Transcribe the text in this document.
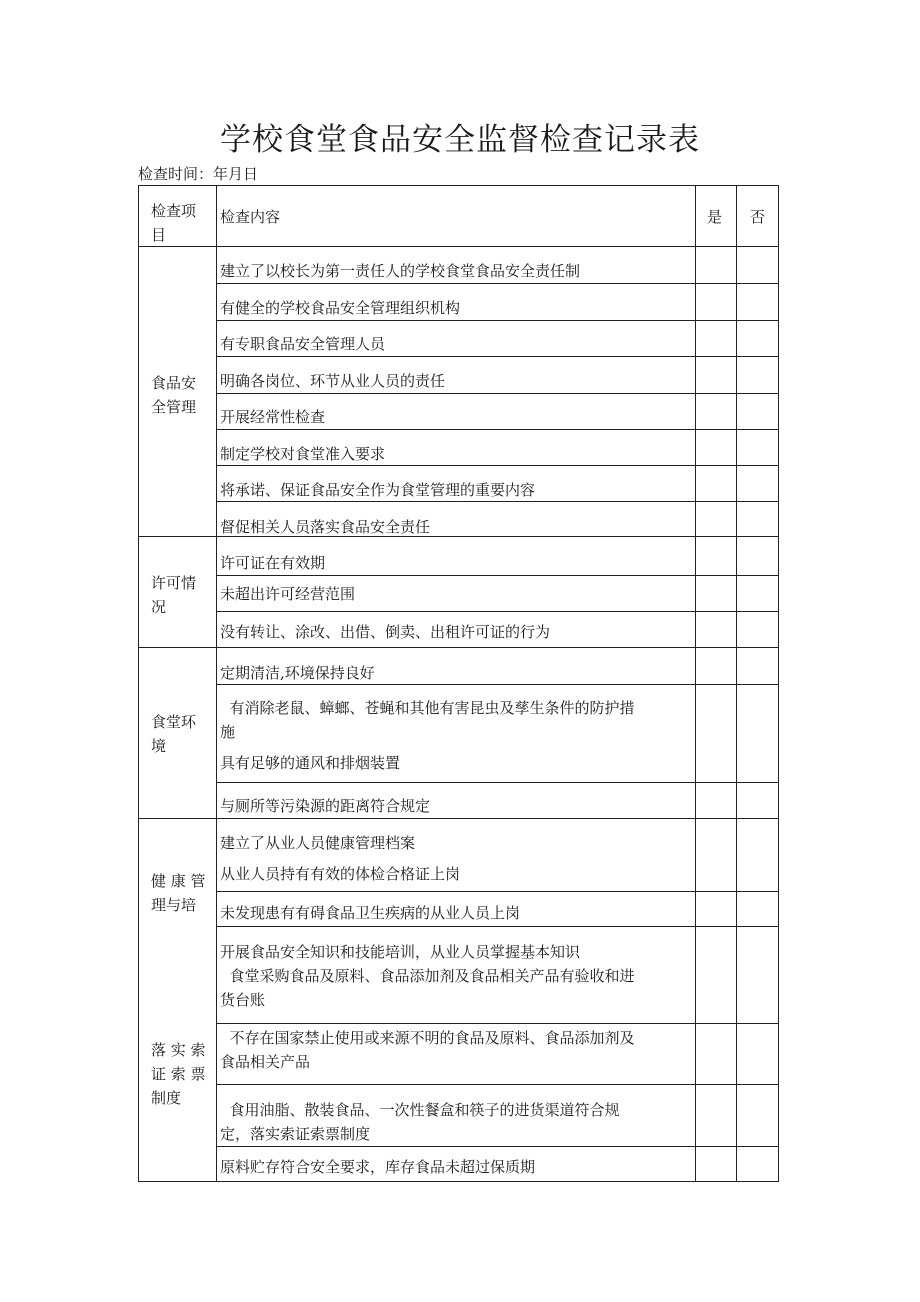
学校食堂食品安全监督检查记录表
检查时间：年月日
检查项
目
检查内容	是 否
食品安
全管理
许可情
况
食堂环
境
健 康 管
理与培
落 实 索
证 索 票
制度
建立了以校长为第一责任人的学校食堂食品安全责任制
有健全的学校食品安全管理组织机构
有专职食品安全管理人员
明确各岗位、环节从业人员的责任
开展经常性检查
制定学校对食堂准入要求
将承诺、保证食品安全作为食堂管理的重要内容
督促相关人员落实食品安全责任
许可证在有效期
未超出许可经营范围
没有转让、涂改、出借、倒卖、出租许可证的行为
定期清洁,环境保持良好
有消除老鼠、蟑螂、苍蝇和其他有害昆虫及孳生条件的防护措
施
具有足够的通风和排烟装置
与厕所等污染源的距离符合规定
建立了从业人员健康管理档案
从业人员持有有效的体检合格证上岗
未发现患有有碍食品卫生疾病的从业人员上岗
开展食品安全知识和技能培训，从业人员掌握基本知识
食堂采购食品及原料、食品添加剂及食品相关产品有验收和进
货台账
不存在国家禁止使用或来源不明的食品及原料、食品添加剂及
食品相关产品
食用油脂、散装食品、一次性餐盒和筷子的进货渠道符合规
定，落实索证索票制度
原料贮存符合安全要求，库存食品未超过保质期
